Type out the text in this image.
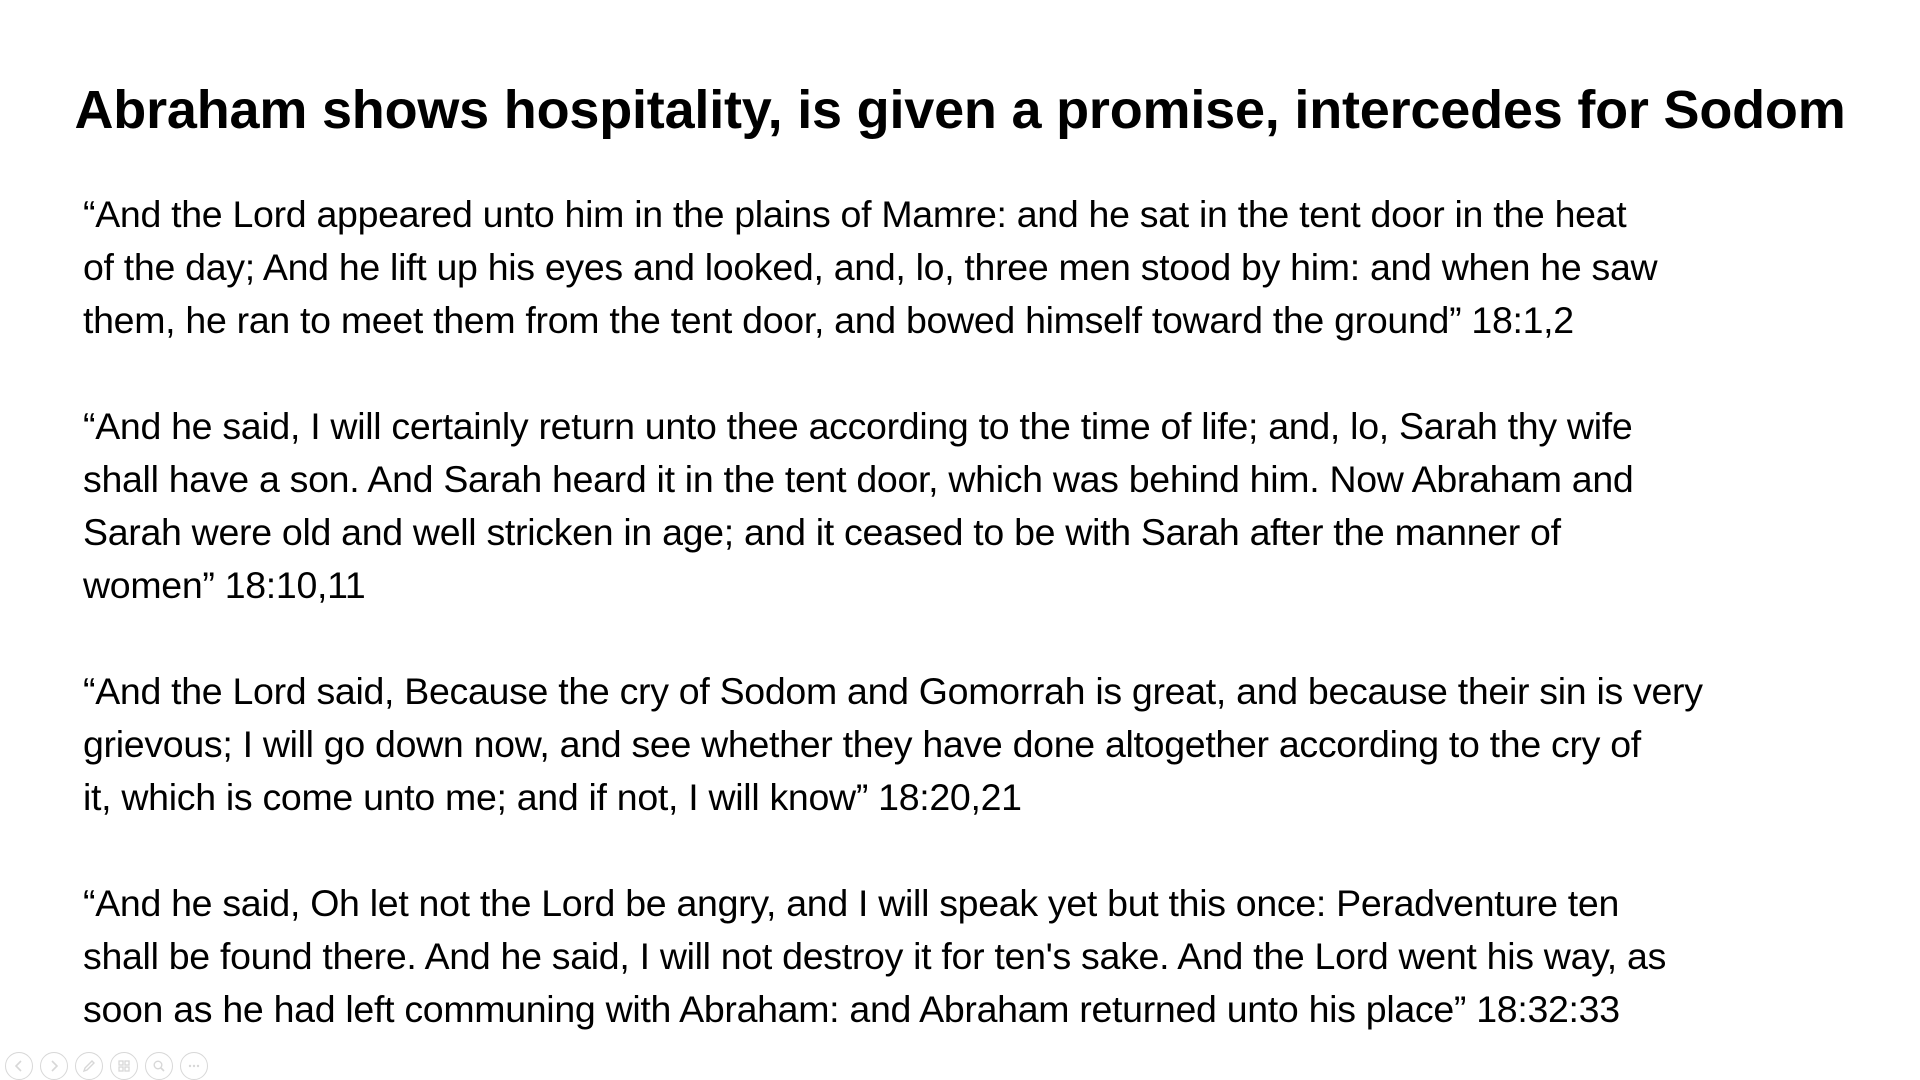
Abraham shows hospitality, is given a promise, intercedes for Sodom

“And the Lord appeared unto him in the plains of Mamre: and he sat in the tent door in the heat
of the day; And he lift up his eyes and looked, and, lo, three men stood by him: and when he saw
them, he ran to meet them from the tent door, and bowed himself toward the ground” 18:1,2

“And he said, I will certainly return unto thee according to the time of life; and, lo, Sarah thy wife
shall have a son. And Sarah heard it in the tent door, which was behind him. Now Abraham and
Sarah were old and well stricken in age; and it ceased to be with Sarah after the manner of
women” 18:10,11

“And the Lord said, Because the cry of Sodom and Gomorrah is great, and because their sin is very
grievous; I will go down now, and see whether they have done altogether according to the cry of
it, which is come unto me; and if not, I will know” 18:20,21

“And he said, Oh let not the Lord be angry, and I will speak yet but this once: Peradventure ten
shall be found there. And he said, I will not destroy it for ten's sake. And the Lord went his way, as
soon as he had left communing with Abraham: and Abraham returned unto his place” 18:32:33
